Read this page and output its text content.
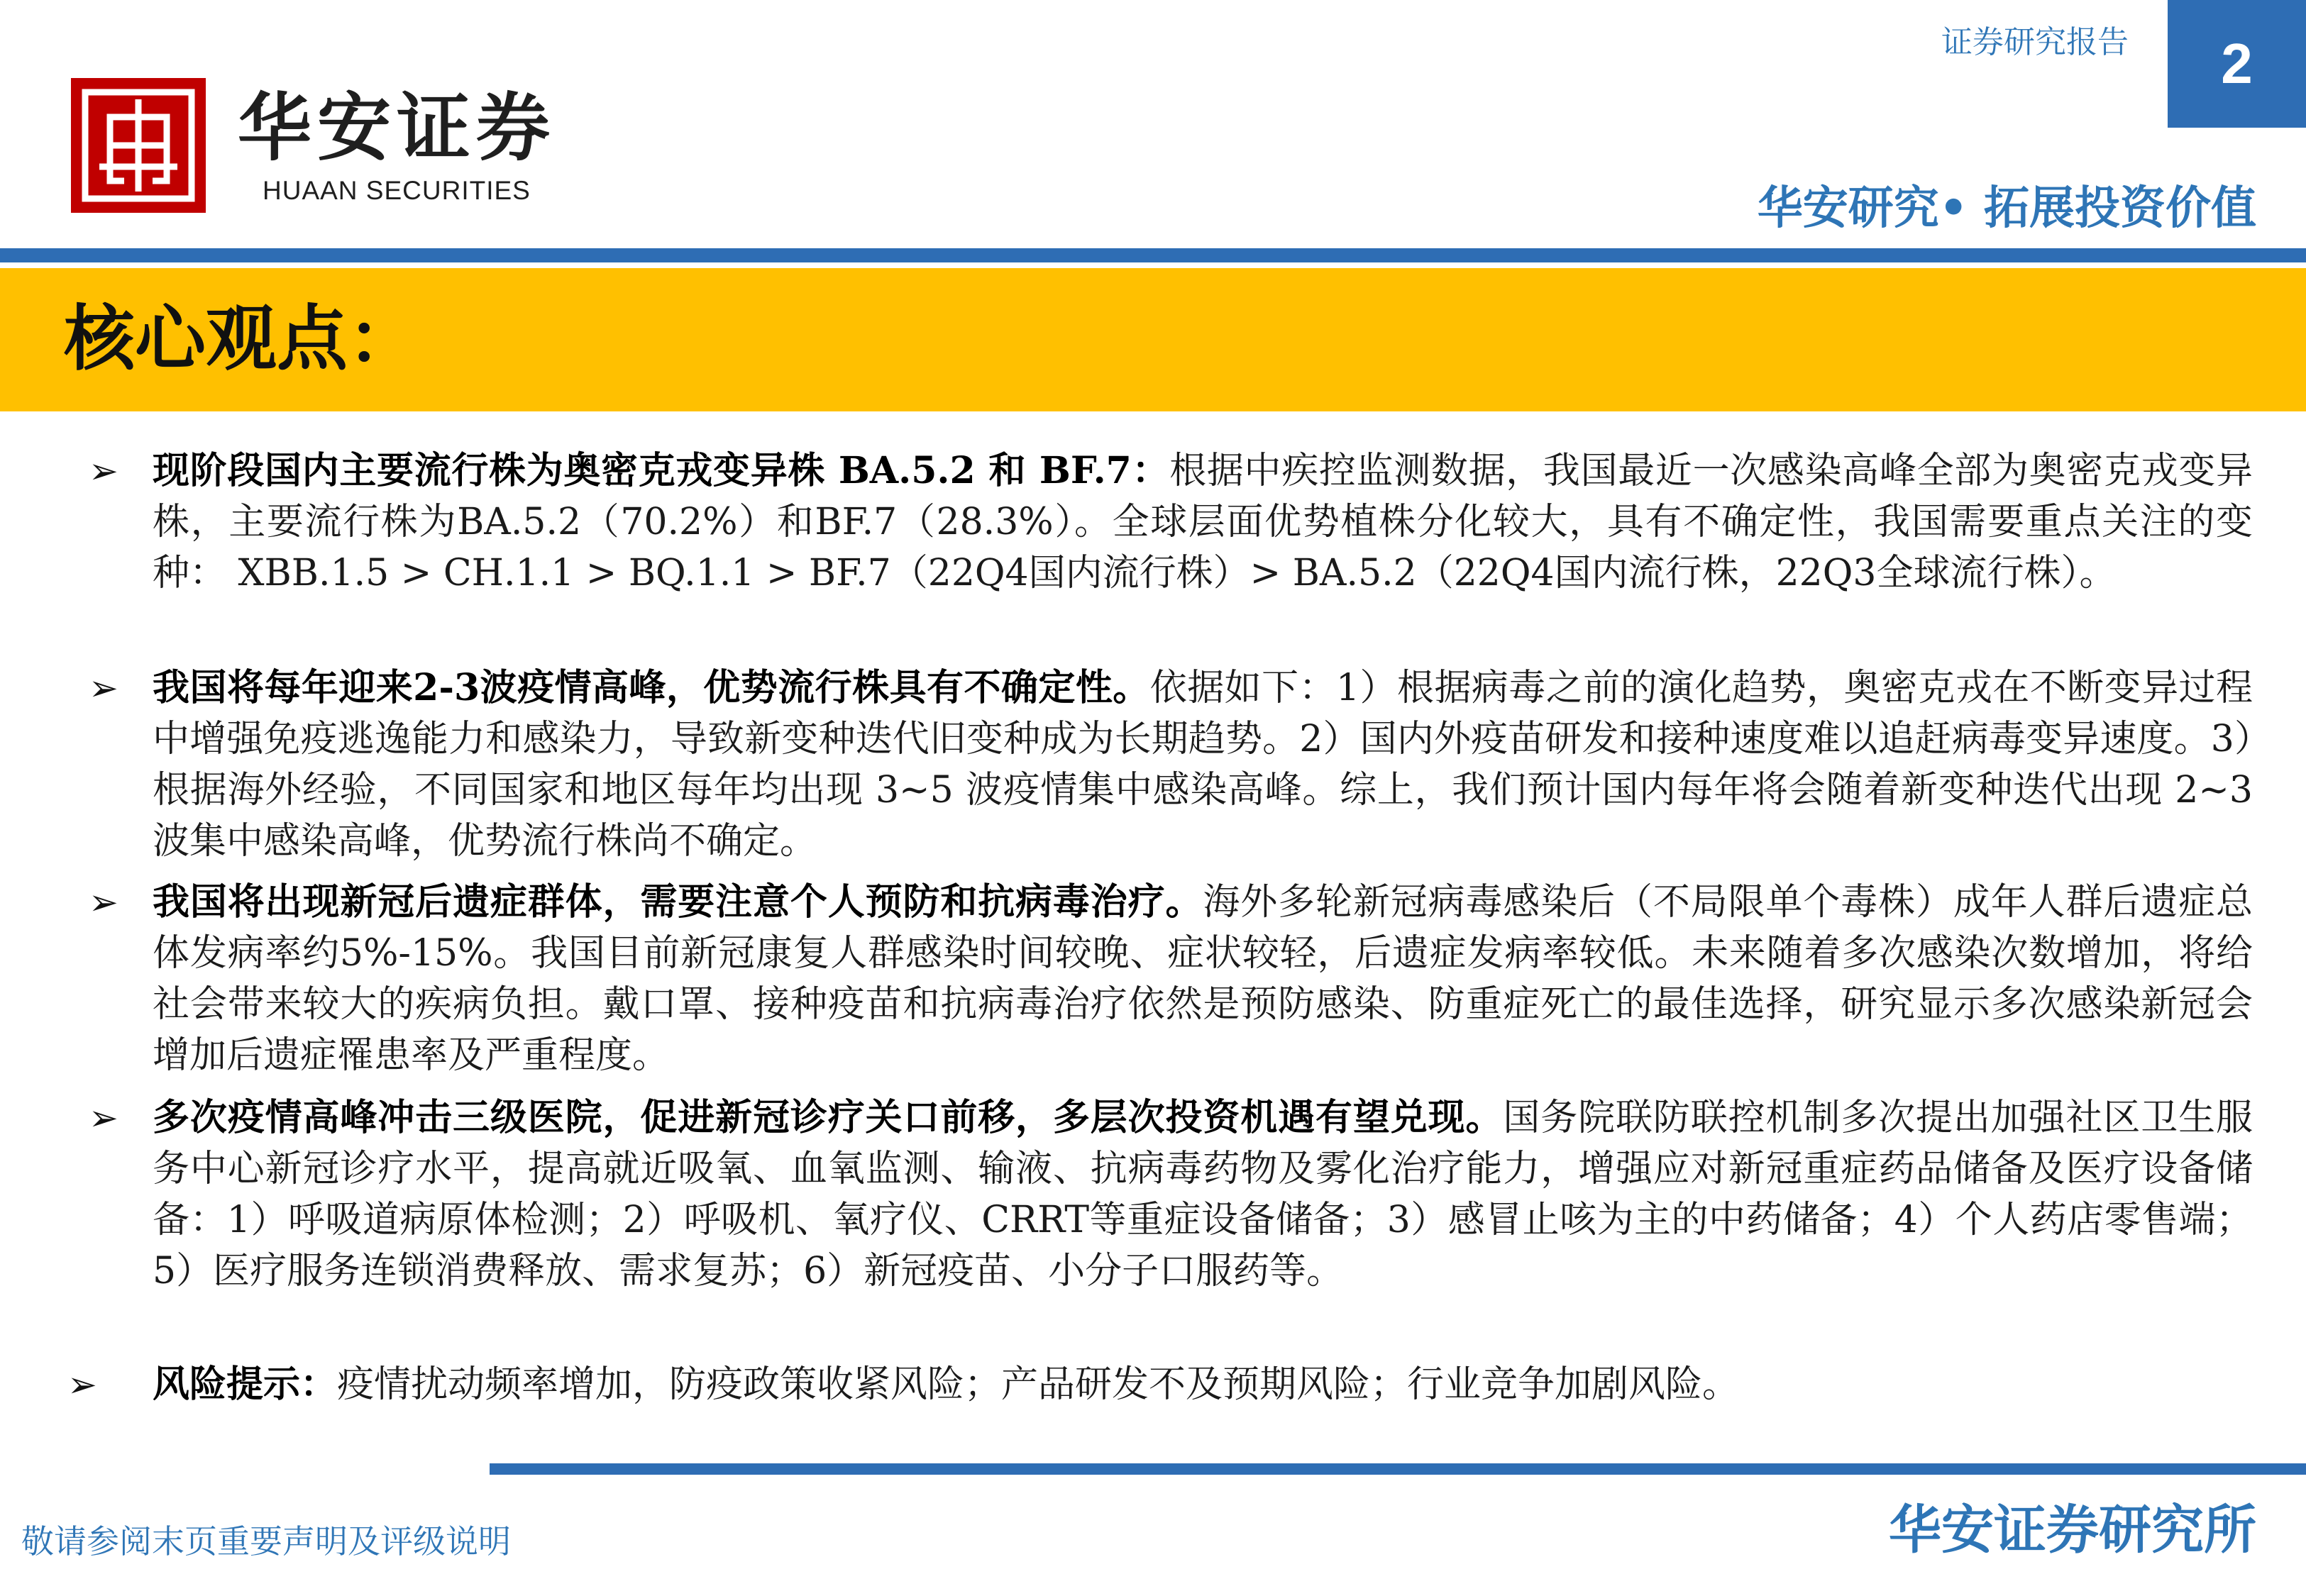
华安证券
HUAAN SECURITIES
证券研究报告	2
华安研究• 拓展投资价值
核心观点：
➢ 现阶段国内主要流行株为奥密克戎变异株 BA.5.2 和 BF.7：根据中疾控监测数据，我国最近一次感染高峰全部为奥密克戎变异株，主要流行株为BA.5.2（70.2%）和BF.7（28.3%）。全球层面优势植株分化较大，具有不确定性，我国需要重点关注的变种： XBB.1.5 > CH.1.1 > BQ.1.1 > BF.7（22Q4国内流行株）> BA.5.2（22Q4国内流行株，22Q3全球流行株）。
➢ 我国将每年迎来2-3波疫情高峰，优势流行株具有不确定性。依据如下：1）根据病毒之前的演化趋势，奥密克戎在不断变异过程中增强免疫逃逸能力和感染力，导致新变种迭代旧变种成为长期趋势。2）国内外疫苗研发和接种速度难以追赶病毒变异速度。3）根据海外经验，不同国家和地区每年均出现 3~5 波疫情集中感染高峰。综上，我们预计国内每年将会随着新变种迭代出现 2~3 波集中感染高峰，优势流行株尚不确定。
➢ 我国将出现新冠后遗症群体，需要注意个人预防和抗病毒治疗。海外多轮新冠病毒感染后（不局限单个毒株）成年人群后遗症总体发病率约5%-15%。我国目前新冠康复人群感染时间较晚、症状较轻，后遗症发病率较低。未来随着多次感染次数增加，将给社会带来较大的疾病负担。戴口罩、接种疫苗和抗病毒治疗依然是预防感染、防重症死亡的最佳选择，研究显示多次感染新冠会增加后遗症罹患率及严重程度。
➢ 多次疫情高峰冲击三级医院，促进新冠诊疗关口前移，多层次投资机遇有望兑现。国务院联防联控机制多次提出加强社区卫生服务中心新冠诊疗水平，提高就近吸氧、血氧监测、输液、抗病毒药物及雾化治疗能力，增强应对新冠重症药品储备及医疗设备储备：1）呼吸道病原体检测；2）呼吸机、氧疗仪、CRRT等重症设备储备；3）感冒止咳为主的中药储备；4）个人药店零售端；5）医疗服务连锁消费释放、需求复苏；6）新冠疫苗、小分子口服药等。
➢ 风险提示：疫情扰动频率增加，防疫政策收紧风险；产品研发不及预期风险；行业竞争加剧风险。
敬请参阅末页重要声明及评级说明	华安证券研究所
